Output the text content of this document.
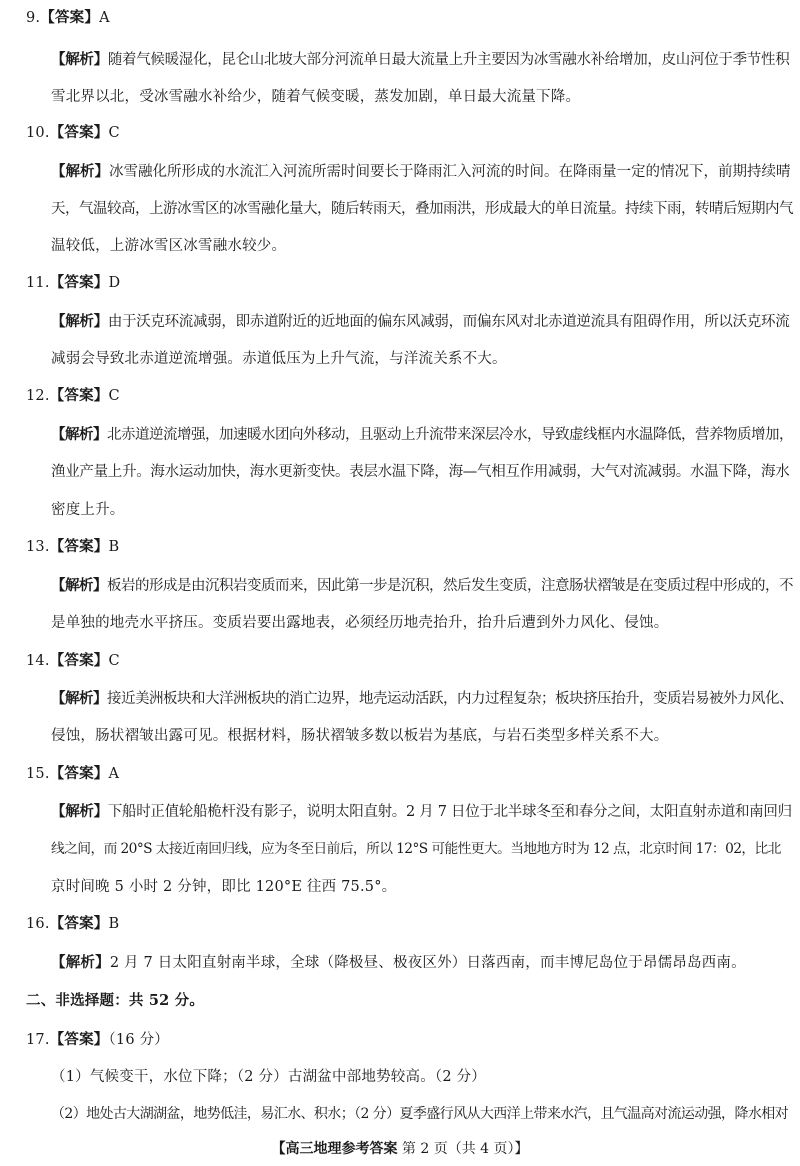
9.【答案】A
【解析】随着气候暖湿化，昆仑山北坡大部分河流单日最大流量上升主要因为冰雪融水补给增加，皮山河位于季节性积
雪北界以北，受冰雪融水补给少，随着气候变暖，蒸发加剧，单日最大流量下降。
10.【答案】C
【解析】冰雪融化所形成的水流汇入河流所需时间要长于降雨汇入河流的时间。在降雨量一定的情况下，前期持续晴
天，气温较高，上游冰雪区的冰雪融化量大，随后转雨天，叠加雨洪，形成最大的单日流量。持续下雨，转晴后短期内气
温较低，上游冰雪区冰雪融水较少。
11.【答案】D
【解析】由于沃克环流减弱，即赤道附近的近地面的偏东风减弱，而偏东风对北赤道逆流具有阻碍作用，所以沃克环流
减弱会导致北赤道逆流增强。赤道低压为上升气流，与洋流关系不大。
12.【答案】C
【解析】北赤道逆流增强，加速暖水团向外移动，且驱动上升流带来深层冷水，导致虚线框内水温降低，营养物质增加，
渔业产量上升。海水运动加快，海水更新变快。表层水温下降，海—气相互作用减弱，大气对流减弱。水温下降，海水
密度上升。
13.【答案】B
【解析】板岩的形成是由沉积岩变质而来，因此第一步是沉积，然后发生变质，注意肠状褶皱是在变质过程中形成的，不
是单独的地壳水平挤压。变质岩要出露地表，必须经历地壳抬升，抬升后遭到外力风化、侵蚀。
14.【答案】C
【解析】接近美洲板块和大洋洲板块的消亡边界，地壳运动活跃，内力过程复杂；板块挤压抬升，变质岩易被外力风化、
侵蚀，肠状褶皱出露可见。根据材料，肠状褶皱多数以板岩为基底，与岩石类型多样关系不大。
15.【答案】A
【解析】下船时正值轮船桅杆没有影子，说明太阳直射。2 月 7 日位于北半球冬至和春分之间，太阳直射赤道和南回归
线之间，而 20°S 太接近南回归线，应为冬至日前后，所以 12°S 可能性更大。当地地方时为 12 点，北京时间 17：02，比北
京时间晚 5 小时 2 分钟，即比 120°E 往西 75.5°。
16.【答案】B
【解析】2 月 7 日太阳直射南半球，全球（降极昼、极夜区外）日落西南，而丰博尼岛位于昂儒昂岛西南。
二、非选择题：共 52 分。
17.【答案】（16 分）
（1）气候变干，水位下降；（2 分）古湖盆中部地势较高。（2 分）
（2）地处古大湖湖盆，地势低洼，易汇水、积水；（2 分）夏季盛行风从大西洋上带来水汽，且气温高对流运动强，降水相对
【高三地理参考答案 第 2 页（共 4 页）】
